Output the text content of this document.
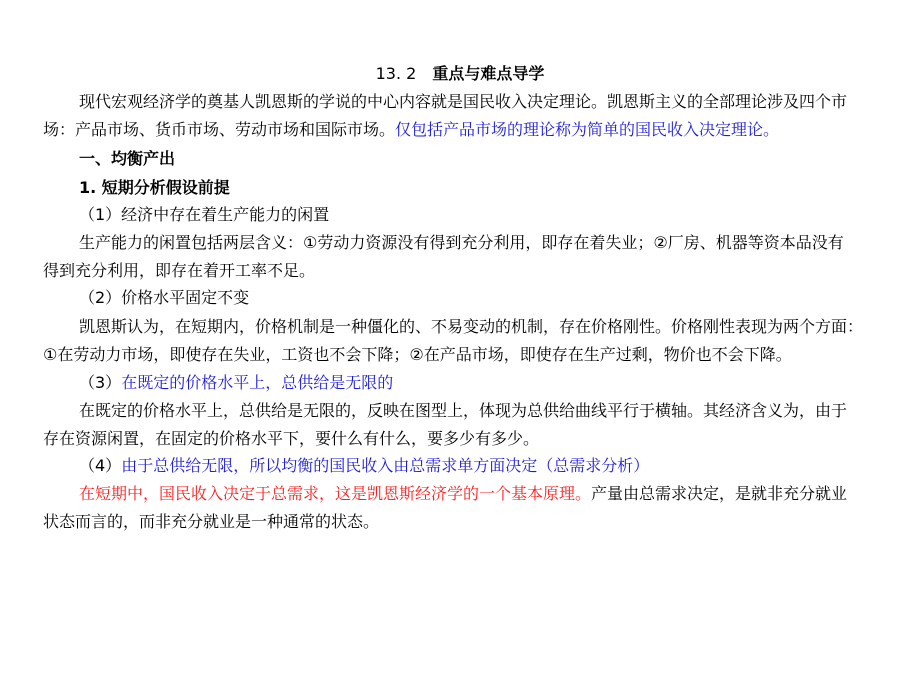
13. 2 重点与难点导学

现代宏观经济学的奠基人凯恩斯的学说的中心内容就是国民收入决定理论。凯恩斯主义的全部理论涉及四个市

场：产品市场、货币市场、劳动市场和国际市场。仅包括产品市场的理论称为简单的国民收入决定理论。

一、均衡产出

1. 短期分析假设前提

（1）经济中存在着生产能力的闲置

生产能力的闲置包括两层含义：①劳动力资源没有得到充分利用，即存在着失业；②厂房、机器等资本品没有

得到充分利用，即存在着开工率不足。

（2）价格水平固定不变

凯恩斯认为，在短期内，价格机制是一种僵化的、不易变动的机制，存在价格刚性。价格刚性表现为两个方面：

①在劳动力市场，即使存在失业，工资也不会下降；②在产品市场，即使存在生产过剩，物价也不会下降。

（3）在既定的价格水平上，总供给是无限的

在既定的价格水平上，总供给是无限的，反映在图型上，体现为总供给曲线平行于横轴。其经济含义为，由于

存在资源闲置，在固定的价格水平下，要什么有什么，要多少有多少。

（4）由于总供给无限，所以均衡的国民收入由总需求单方面决定（总需求分析）

在短期中，国民收入决定于总需求，这是凯恩斯经济学的一个基本原理。产量由总需求决定，是就非充分就业

状态而言的，而非充分就业是一种通常的状态。
